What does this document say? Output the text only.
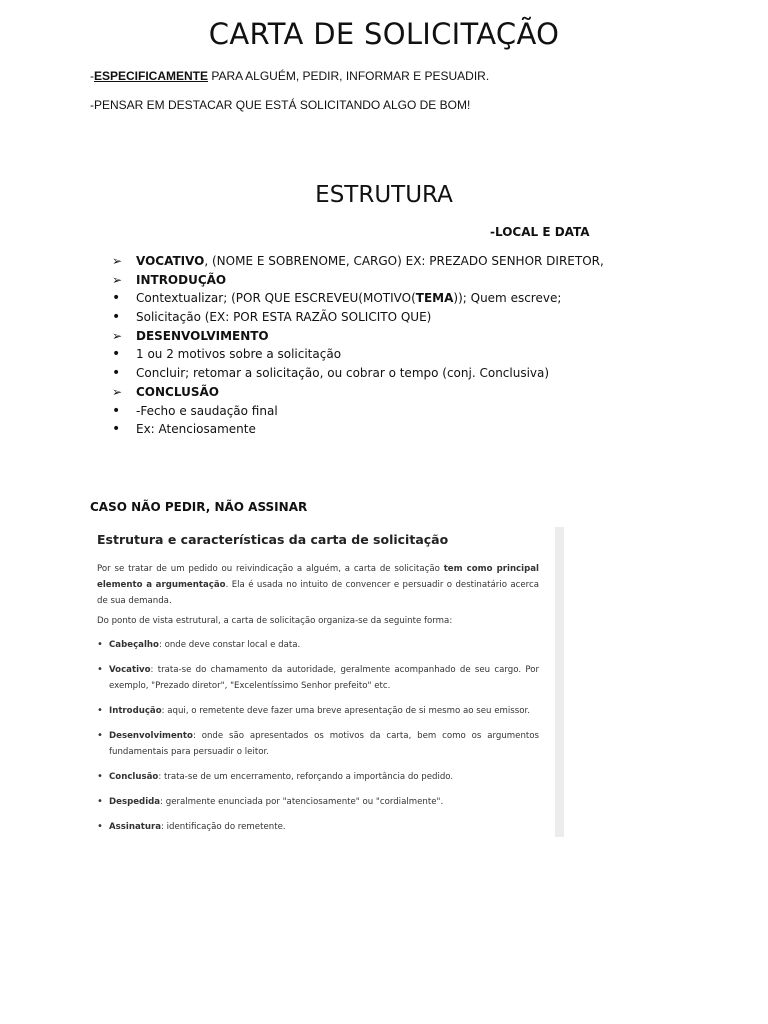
CARTA DE SOLICITAÇÃO
-ESPECIFICAMENTE PARA ALGUÉM, PEDIR, INFORMAR E PESUADIR.
-PENSAR EM DESTACAR QUE ESTÁ SOLICITANDO ALGO DE BOM!
ESTRUTURA
-LOCAL E DATA
➢ VOCATIVO, (NOME E SOBRENOME, CARGO) EX: PREZADO SENHOR DIRETOR,
➢ INTRODUÇÃO
• Contextualizar; (POR QUE ESCREVEU(MOTIVO(TEMA)); Quem escreve;
• Solicitação (EX: POR ESTA RAZÃO SOLICITO QUE)
➢ DESENVOLVIMENTO
• 1 ou 2 motivos sobre a solicitação
• Concluir; retomar a solicitação, ou cobrar o tempo (conj. Conclusiva)
➢ CONCLUSÃO
• -Fecho e saudação final
• Ex: Atenciosamente
CASO NÃO PEDIR, NÃO ASSINAR
Estrutura e características da carta de solicitação
Por se tratar de um pedido ou reivindicação a alguém, a carta de solicitação tem como principal elemento a argumentação. Ela é usada no intuito de convencer e persuadir o destinatário acerca de sua demanda.
Do ponto de vista estrutural, a carta de solicitação organiza-se da seguinte forma:
• Cabeçalho: onde deve constar local e data.
• Vocativo: trata-se do chamamento da autoridade, geralmente acompanhado de seu cargo. Por exemplo, "Prezado diretor", "Excelentíssimo Senhor prefeito" etc.
• Introdução: aqui, o remetente deve fazer uma breve apresentação de si mesmo ao seu emissor.
• Desenvolvimento: onde são apresentados os motivos da carta, bem como os argumentos fundamentais para persuadir o leitor.
• Conclusão: trata-se de um encerramento, reforçando a importância do pedido.
• Despedida: geralmente enunciada por "atenciosamente" ou "cordialmente".
• Assinatura: identificação do remetente.
